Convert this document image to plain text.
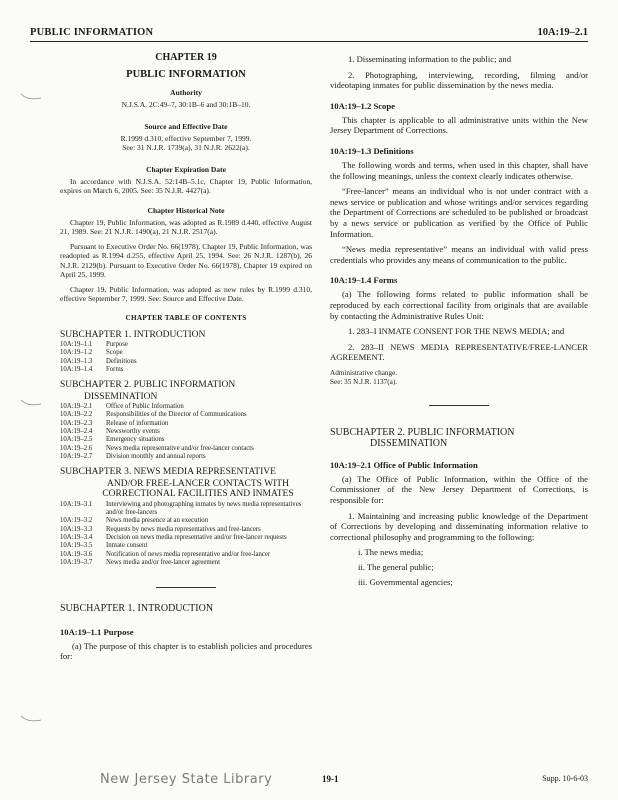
PUBLIC INFORMATION	10A:19–2.1
CHAPTER 19
PUBLIC INFORMATION
Authority
N.J.S.A. 2C:49–7, 30:1B–6 and 30:1B–10.
Source and Effective Date
R.1999 d.310, effective September 7, 1999.
See: 31 N.J.R. 1739(a), 31 N.J.R. 2622(a).
Chapter Expiration Date
In accordance with N.J.S.A. 52:14B–5.1c, Chapter 19, Public Information, expires on March 6, 2005. See: 35 N.J.R. 4427(a).
Chapter Historical Note
Chapter 19, Public Information, was adopted as R.1989 d.440, effective August 21, 1989. See: 21 N.J.R. 1490(a), 21 N.J.R. 2517(a).
Pursuant to Executive Order No. 66(1978), Chapter 19, Public Information, was readopted as R.1994 d.255, effective April 25, 1994. See: 26 N.J.R. 1287(b), 26 N.J.R. 2129(b). Pursuant to Executive Order No. 66(1978), Chapter 19 expired on April 25, 1999.
Chapter 19, Public Information, was adopted as new rules by R.1999 d.310, effective September 7, 1999. See: Source and Effective Date.
CHAPTER TABLE OF CONTENTS
SUBCHAPTER 1. INTRODUCTION
10A:19–1.1	Purpose
10A:19–1.2	Scope
10A:19–1.3	Definitions
10A:19–1.4	Forms
SUBCHAPTER 2. PUBLIC INFORMATION
DISSEMINATION
10A:19–2.1	Office of Public Information
10A:19–2.2	Responsibilities of the Director of Communications
10A:19–2.3	Release of information
10A:19–2.4	Newsworthy events
10A:19–2.5	Emergency situations
10A:19–2.6	News media representative and/or free-lancer contacts
10A:19–2.7	Division monthly and annual reports
SUBCHAPTER 3. NEWS MEDIA REPRESENTATIVE
AND/OR FREE-LANCER CONTACTS WITH CORRECTIONAL FACILITIES AND INMATES
10A:19–3.1	Interviewing and photographing inmates by news media representatives and/or free-lancers
10A:19–3.2	News media presence at an execution
10A:19–3.3	Requests by news media representatives and free-lancers
10A:19–3.4	Decision on news media representative and/or free-lancer requests
10A:19–3.5	Inmate consent
10A:19–3.6	Notification of news media representative and/or free-lancer
10A:19–3.7	News media and/or free-lancer agreement
SUBCHAPTER 1. INTRODUCTION
10A:19–1.1 Purpose
(a) The purpose of this chapter is to establish policies and procedures for:
1. Disseminating information to the public; and
2. Photographing, interviewing, recording, filming and/or videotaping inmates for public dissemination by the news media.
10A:19–1.2 Scope
This chapter is applicable to all administrative units within the New Jersey Department of Corrections.
10A:19–1.3 Definitions
The following words and terms, when used in this chapter, shall have the following meanings, unless the context clearly indicates otherwise.
“Free-lancer” means an individual who is not under contract with a news service or publication and whose writings and/or services regarding the Department of Corrections are scheduled to be published or broadcast by a news service or publication as verified by the Office of Public Information.
“News media representative” means an individual with valid press credentials who provides any means of communication to the public.
10A:19–1.4 Forms
(a) The following forms related to public information shall be reproduced by each correctional facility from originals that are available by contacting the Administrative Rules Unit:
1. 283–I INMATE CONSENT FOR THE NEWS MEDIA; and
2. 283–II NEWS MEDIA REPRESENTATIVE/FREE-LANCER AGREEMENT.
Administrative change.
See: 35 N.J.R. 1137(a).
SUBCHAPTER 2. PUBLIC INFORMATION
DISSEMINATION
10A:19–2.1 Office of Public Information
(a) The Office of Public Information, within the Office of the Commissioner of the New Jersey Department of Corrections, is responsible for:
1. Maintaining and increasing public knowledge of the Department of Corrections by developing and disseminating information relative to correctional philosophy and programming to the following:
i. The news media;
ii. The general public;
iii. Governmental agencies;
New Jersey State Library	19-1	Supp. 10-6-03
